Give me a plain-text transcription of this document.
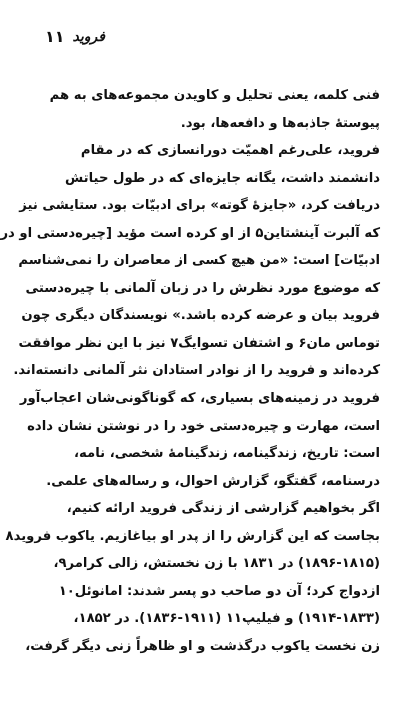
فروید
۱۱
فنی کلمه، یعنی تحلیل و کاویدن مجموعه‌های به هم
پیوستهٔ جاذبه‌ها و دافعه‌ها، بود.
فروید، علی‌رغم اهمیّت دورانسازی که در مقام
دانشمند داشت، یگانه جایزه‌ای که در طول حیاتش
دریافت کرد، «جایزهٔ گوته» برای ادبیّات بود. ستایشی نیز
که آلبرت آینشتاین۵ از او کرده است مؤید [چیره‌دستی او در
ادبیّات] است: «من هیچ کسی از معاصران را نمی‌شناسم
که موضوع مورد نظرش را در زبان آلمانی با چیره‌دستی
فروید بیان و عرضه کرده باشد.» نویسندگان دیگری چون
توماس مان۶ و اشتفان تسوایگ۷ نیز با این نظر موافقت
کرده‌اند و فروید را از نوادر استادان نثر آلمانی دانسته‌اند.
فروید در زمینه‌های بسیاری، که گوناگونی‌شان اعجاب‌آور
است، مهارت و چیره‌دستی خود را در نوشتن نشان داده
است: تاریخ، زندگینامه، زندگینامهٔ شخصی، نامه،
درسنامه، گفتگو، گزارش احوال، و رساله‌های علمی.
اگر بخواهیم گزارشی از زندگی فروید ارائه کنیم،
بجاست که این گزارش را از پدر او بیاغازیم. یاکوب فروید۸
(۱۸۹۶-۱۸۱۵) در ۱۸۳۱ با زن نخستش، زالی کرامر۹،
ازدواج کرد؛ آن دو صاحب دو پسر شدند: امانوئل۱۰
(۱۹۱۴-۱۸۳۳) و فیلیپ۱۱ (۱۹۱۱-۱۸۳۶). در ۱۸۵۲،
زن نخست یاکوب درگذشت و او ظاهراً زنی دیگر گرفت،
